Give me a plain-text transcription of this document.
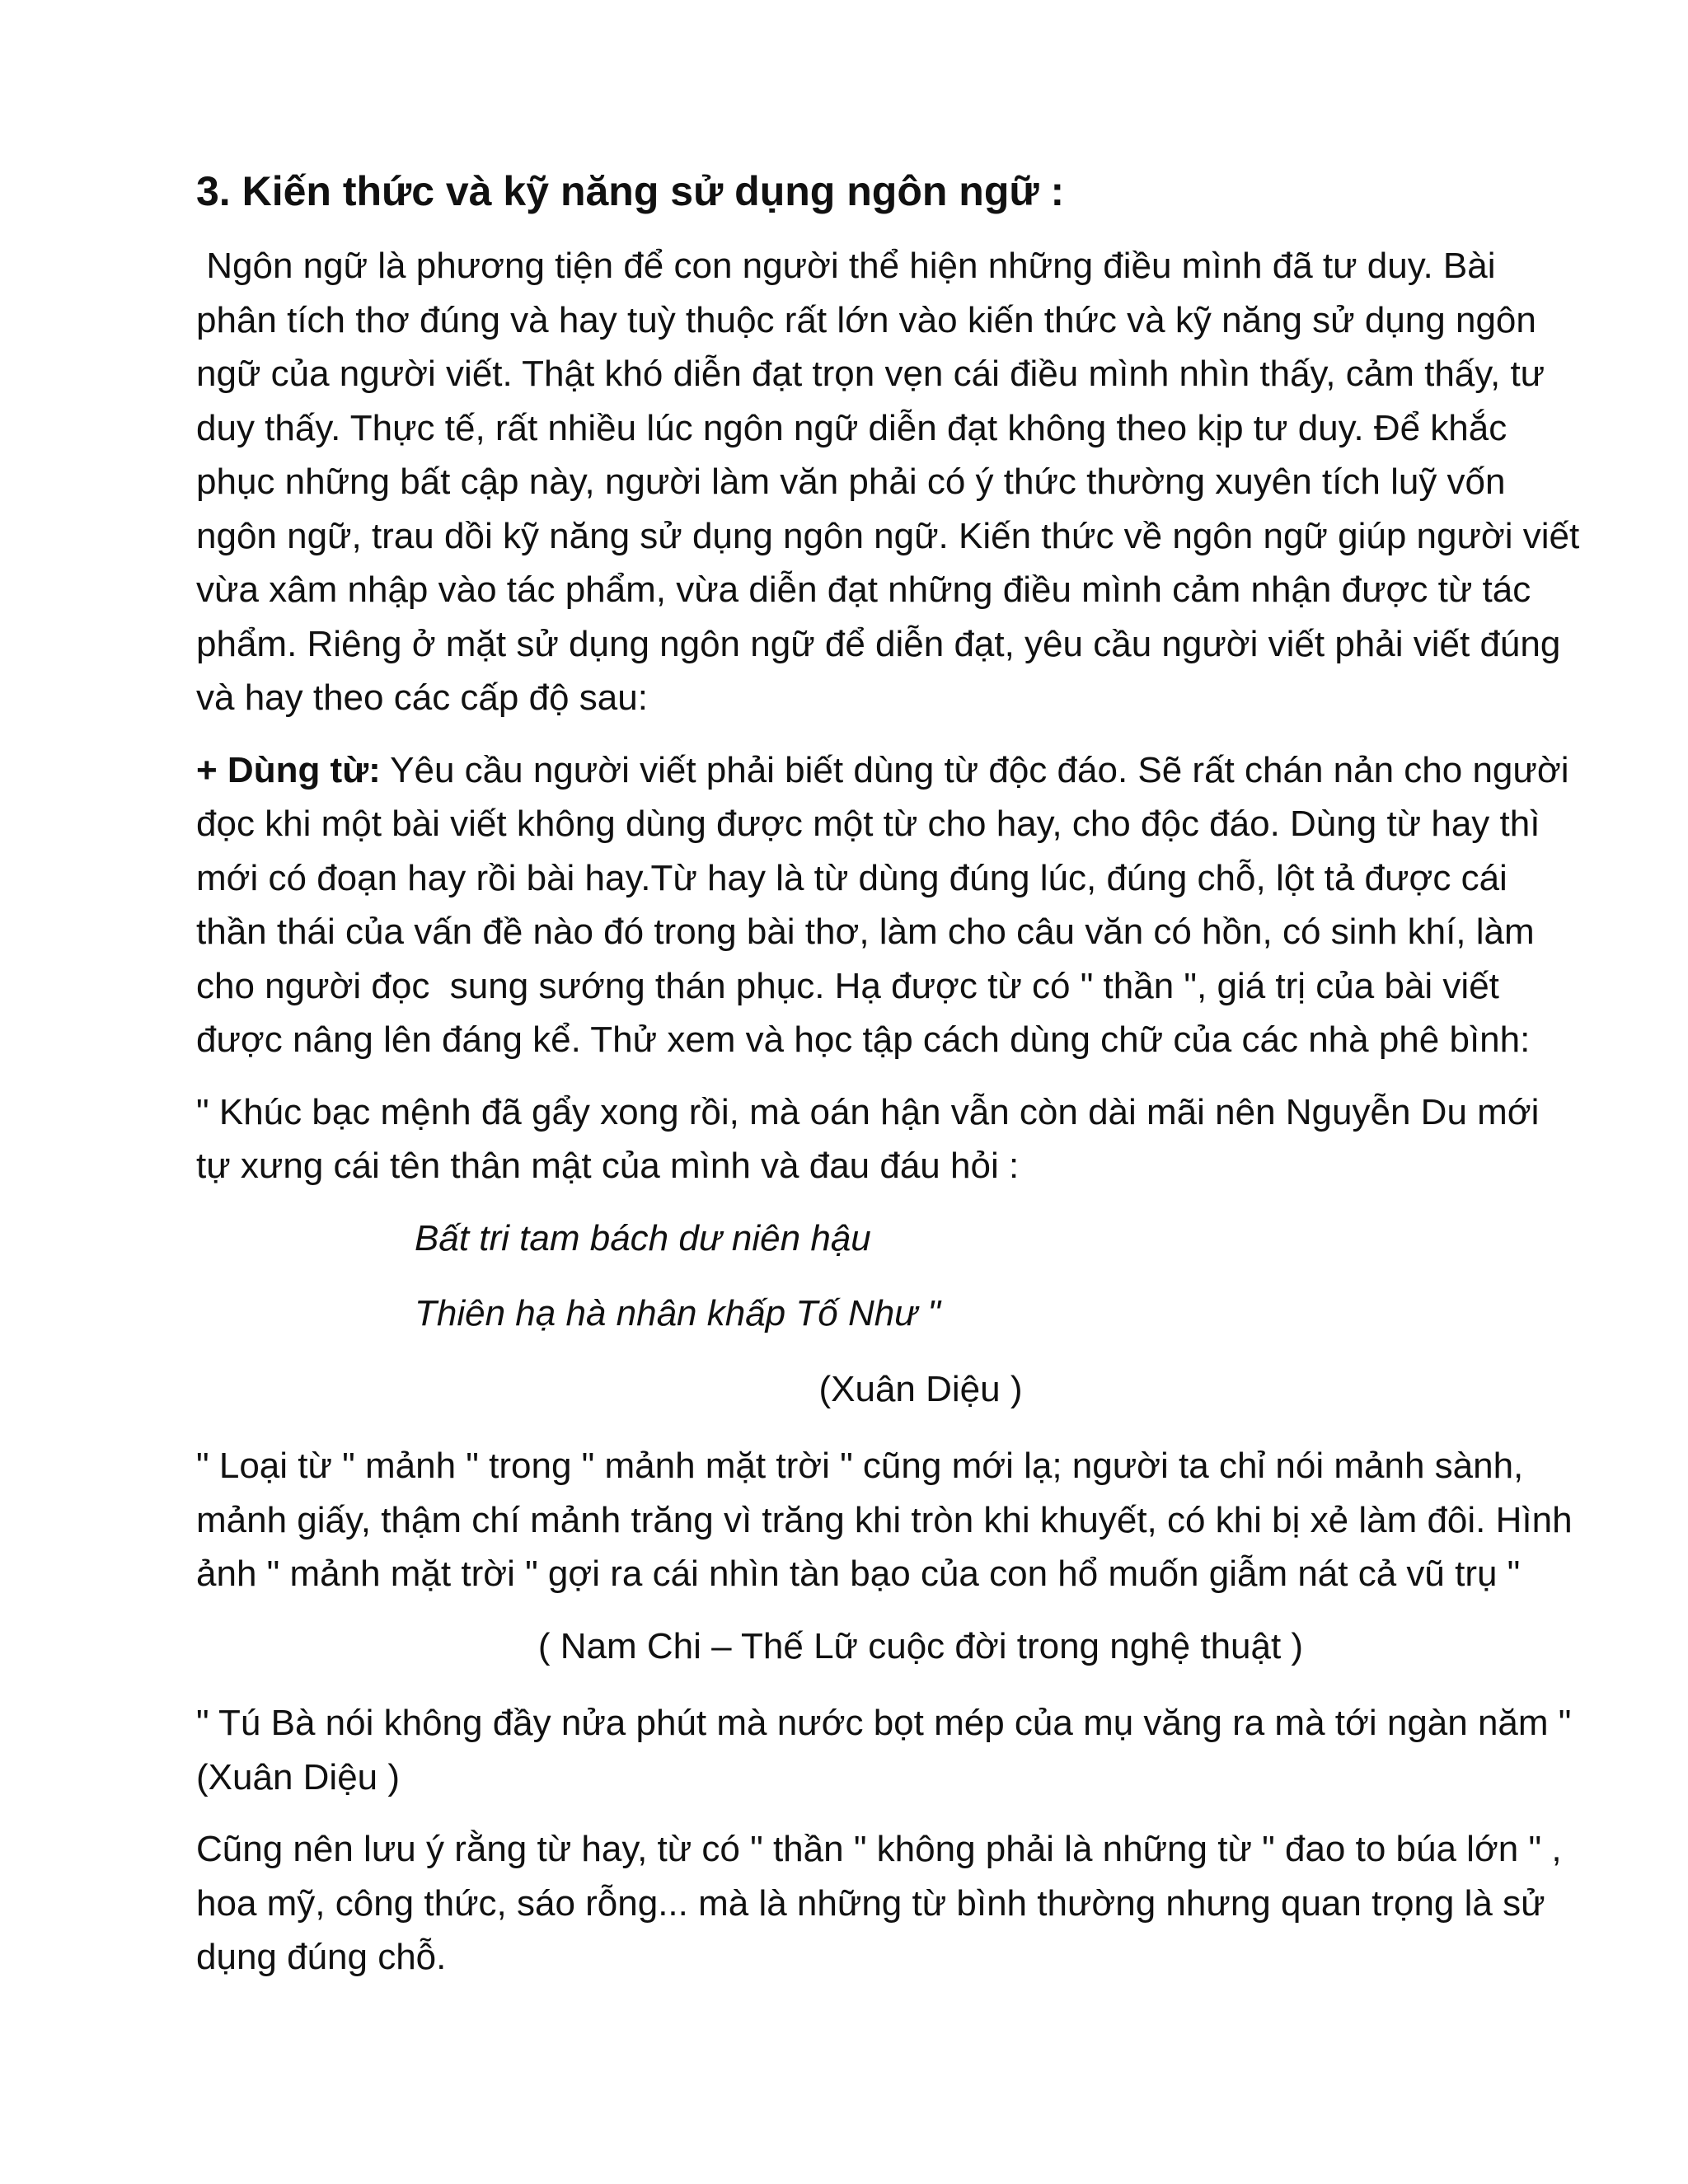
3. Kiến thức và kỹ năng sử dụng ngôn ngữ :
Ngôn ngữ là phương tiện để con người thể hiện những điều mình đã tư duy. Bài phân tích thơ đúng và hay tuỳ thuộc rất lớn vào kiến thức và kỹ năng sử dụng ngôn ngữ của người viết. Thật khó diễn đạt trọn vẹn cái điều mình nhìn thấy, cảm thấy, tư duy thấy. Thực tế, rất nhiều lúc ngôn ngữ diễn đạt không theo kịp tư duy. Để khắc phục những bất cập này, người làm văn phải có ý thức thường xuyên tích luỹ vốn ngôn ngữ, trau dồi kỹ năng sử dụng ngôn ngữ. Kiến thức về ngôn ngữ giúp người viết vừa xâm nhập vào tác phẩm, vừa diễn đạt những điều mình cảm nhận được từ tác phẩm. Riêng ở mặt sử dụng ngôn ngữ để diễn đạt, yêu cầu người viết phải viết đúng và hay theo các cấp độ sau:
+ Dùng từ: Yêu cầu người viết phải biết dùng từ độc đáo. Sẽ rất chán nản cho người đọc khi một bài viết không dùng được một từ cho hay, cho độc đáo. Dùng từ hay thì mới có đoạn hay rồi bài hay.Từ hay là từ dùng đúng lúc, đúng chỗ, lột tả được cái thần thái của vấn đề nào đó trong bài thơ, làm cho câu văn có hồn, có sinh khí, làm cho người đọc  sung sướng thán phục. Hạ được từ có " thần ", giá trị của bài viết được nâng lên đáng kể. Thử xem và học tập cách dùng chữ của các nhà phê bình:
" Khúc bạc mệnh đã gẩy xong rồi, mà oán hận vẫn còn dài mãi nên Nguyễn Du mới tự xưng cái tên thân mật của mình và đau đáu hỏi :
Bất tri tam bách dư niên hậu
Thiên hạ hà nhân khấp Tố Như "
(Xuân Diệu )
" Loại từ " mảnh " trong " mảnh mặt trời " cũng mới lạ; người ta chỉ nói mảnh sành, mảnh giấy, thậm chí mảnh trăng vì trăng khi tròn khi khuyết, có khi bị xẻ làm đôi. Hình ảnh " mảnh mặt trời " gợi ra cái nhìn tàn bạo của con hổ muốn giẫm nát cả vũ trụ "
( Nam Chi – Thế Lữ cuộc đời trong nghệ thuật )
" Tú Bà nói không đầy nửa phút mà nước bọt mép của mụ văng ra mà tới ngàn năm "     (Xuân Diệu )
Cũng nên lưu ý rằng từ hay, từ có " thần " không phải là những từ " đao to búa lớn " , hoa mỹ, công thức, sáo rỗng... mà là những từ bình thường nhưng quan trọng là sử dụng đúng chỗ.
